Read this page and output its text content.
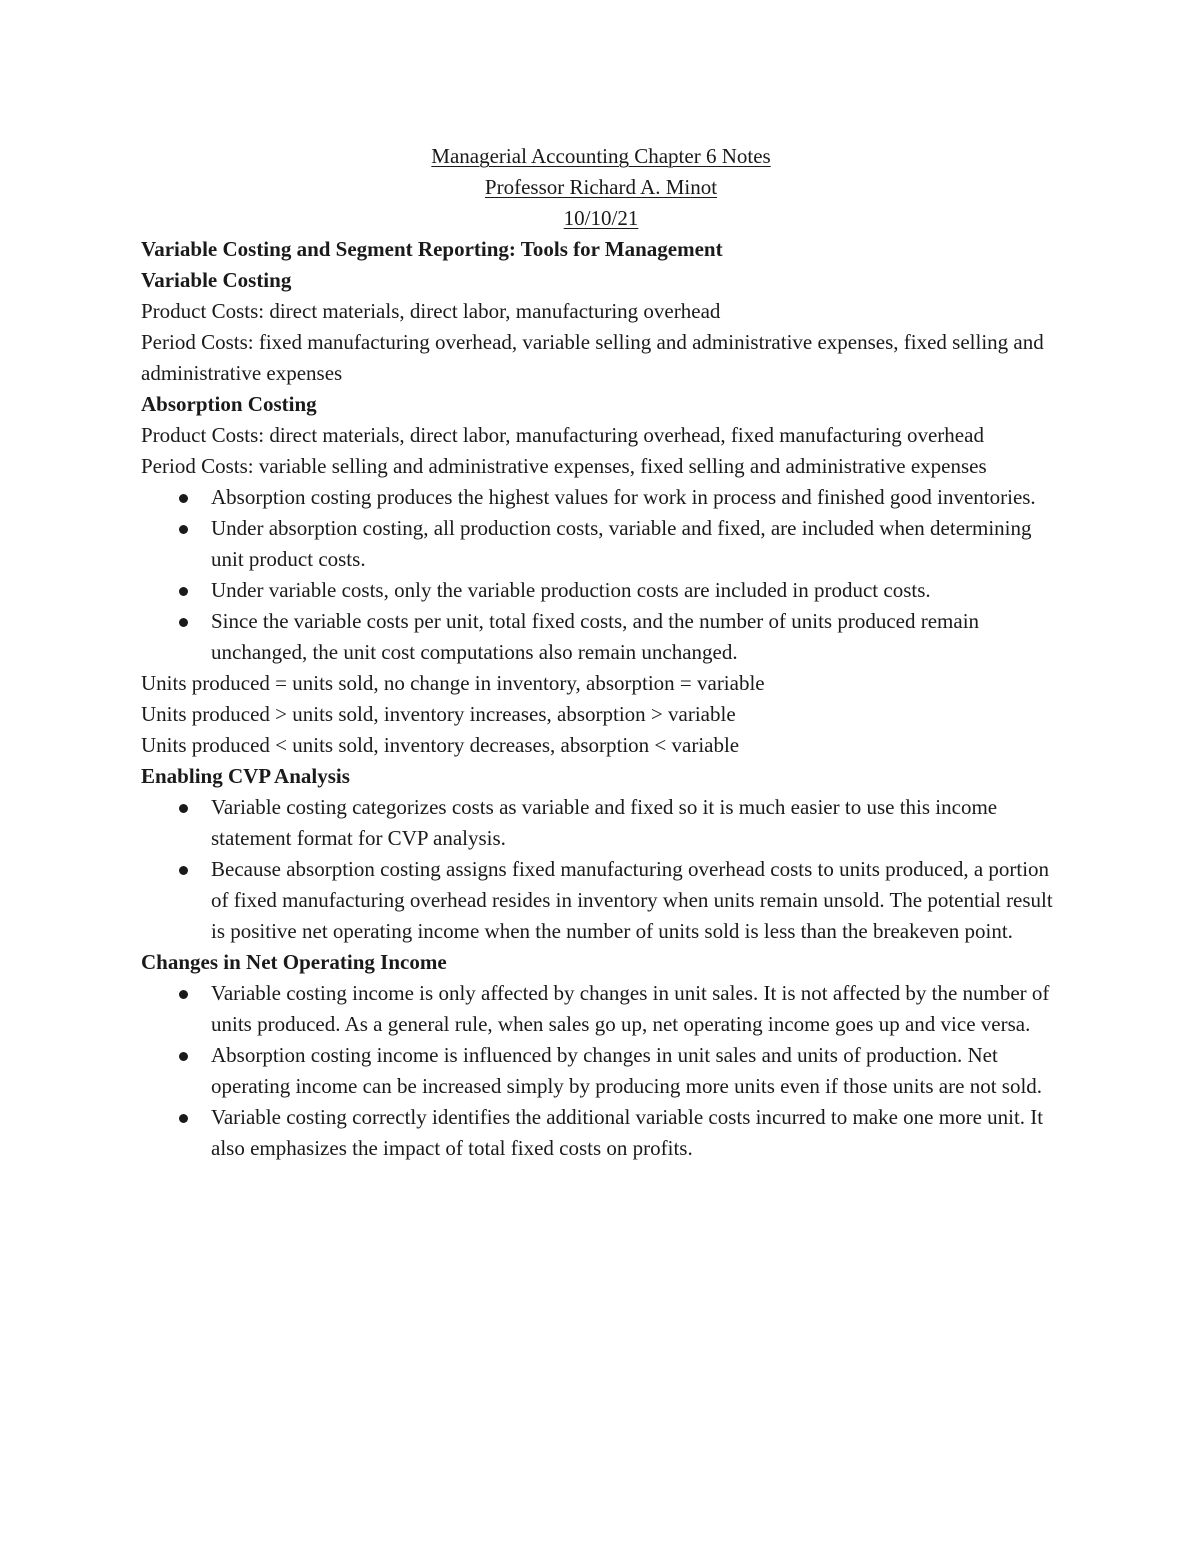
Managerial Accounting Chapter 6 Notes

Professor Richard A. Minot

10/10/21

Variable Costing and Segment Reporting: Tools for Management

Variable Costing

Product Costs: direct materials, direct labor, manufacturing overhead

Period Costs: fixed manufacturing overhead, variable selling and administrative expenses, fixed selling and administrative expenses

Absorption Costing

Product Costs: direct materials, direct labor, manufacturing overhead, fixed manufacturing overhead

Period Costs: variable selling and administrative expenses, fixed selling and administrative expenses

Absorption costing produces the highest values for work in process and finished good inventories.
Under absorption costing, all production costs, variable and fixed, are included when determining unit product costs.
Under variable costs, only the variable production costs are included in product costs.
Since the variable costs per unit, total fixed costs, and the number of units produced remain unchanged, the unit cost computations also remain unchanged.

Units produced = units sold, no change in inventory, absorption = variable

Units produced > units sold, inventory increases, absorption > variable

Units produced < units sold, inventory decreases, absorption < variable

Enabling CVP Analysis

Variable costing categorizes costs as variable and fixed so it is much easier to use this income statement format for CVP analysis.
Because absorption costing assigns fixed manufacturing overhead costs to units produced, a portion of fixed manufacturing overhead resides in inventory when units remain unsold. The potential result is positive net operating income when the number of units sold is less than the breakeven point.

Changes in Net Operating Income

Variable costing income is only affected by changes in unit sales. It is not affected by the number of units produced. As a general rule, when sales go up, net operating income goes up and vice versa.
Absorption costing income is influenced by changes in unit sales and units of production. Net operating income can be increased simply by producing more units even if those units are not sold.
Variable costing correctly identifies the additional variable costs incurred to make one more unit. It also emphasizes the impact of total fixed costs on profits.
